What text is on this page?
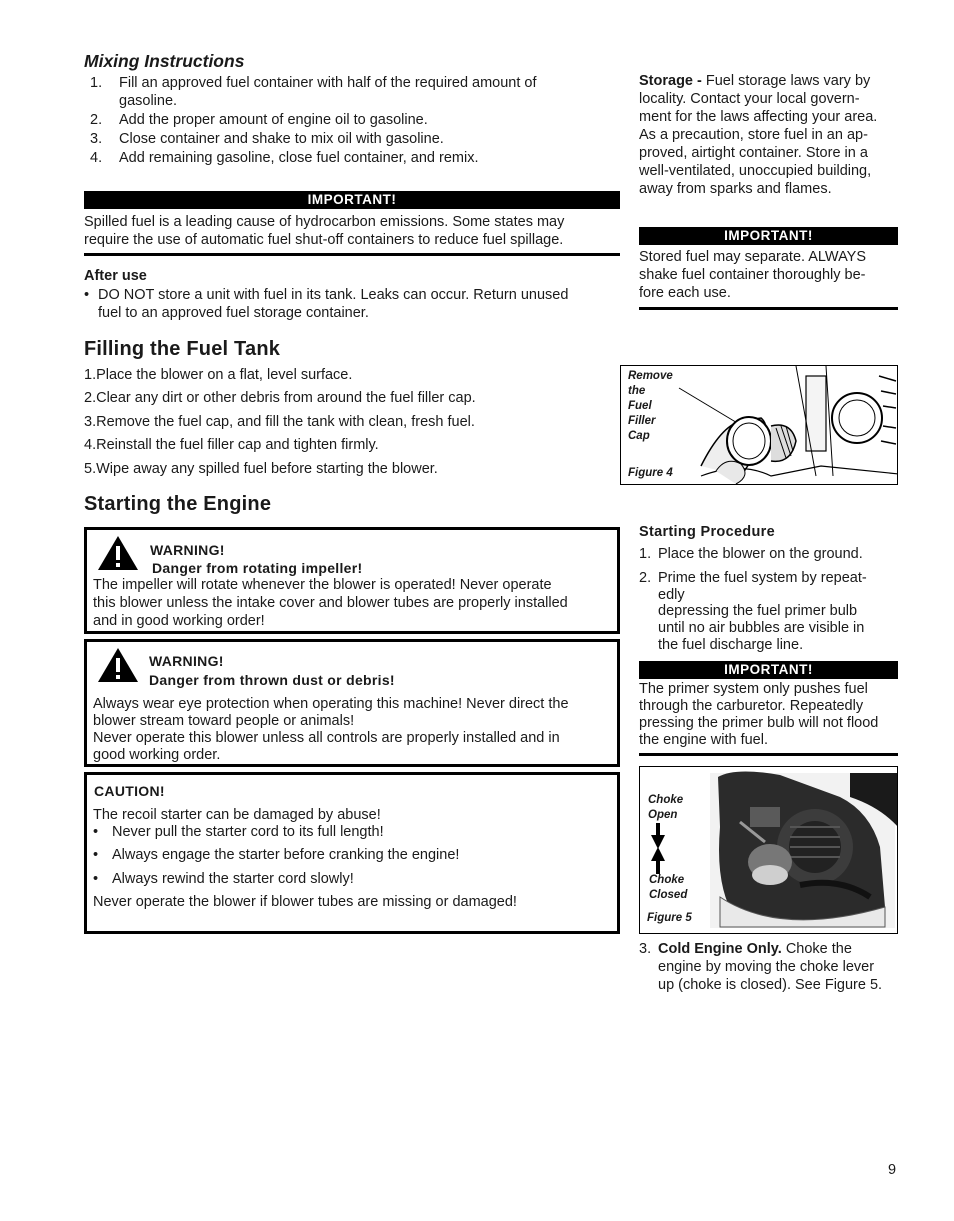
Mixing Instructions
1.	Fill an approved fuel container with half of the required amount of
gasoline.
2.	Add the proper amount of engine oil to gasoline.
3.	Close container and shake to mix oil with gasoline.
4.	Add remaining gasoline, close fuel container, and remix.
IMPORTANT!
Spilled fuel is a leading cause of hydrocarbon emissions. Some states may
require the use of automatic fuel shut-off containers to reduce fuel spillage.
After use
• DO NOT store a unit with fuel in its tank. Leaks can occur. Return unused
fuel to an approved fuel storage container.
Filling the Fuel Tank
1.Place the blower on a flat, level surface.
2.Clear any dirt or other debris from around the fuel filler cap.
3.Remove the fuel cap, and fill the tank with clean, fresh fuel.
4.Reinstall the fuel filler cap and tighten firmly.
5.Wipe away any spilled fuel before starting the blower.
Starting the Engine
WARNING!
Danger from rotating impeller!
The impeller will rotate whenever the blower is operated! Never operate
this blower unless the intake cover and blower tubes are properly installed
and in good working order!
WARNING!
Danger from thrown dust or debris!
Always wear eye protection when operating this machine! Never direct the
blower stream toward people or animals!
Never operate this blower unless all controls are properly installed and in
good working order.
CAUTION!
The recoil starter can be damaged by abuse!
• Never pull the starter cord to its full length!
• Always engage the starter before cranking the engine!
• Always rewind the starter cord slowly!
Never operate the blower if blower tubes are missing or damaged!
Storage - Fuel storage laws vary by
locality. Contact your local govern-
ment for the laws affecting your area.
As a precaution, store fuel in an ap-
proved, airtight container. Store in a
well-ventilated, unoccupied building,
away from sparks and flames.
IMPORTANT!
Stored fuel may separate. ALWAYS
shake fuel container thoroughly be-
fore each use.
Remove
the
Fuel
Filler
Cap
Figure 4
Starting Procedure
1. Place the blower on the ground.
2. Prime the fuel system by repeat-
edly
depressing the fuel primer bulb
until no air bubbles are visible in
the fuel discharge line.
IMPORTANT!
The primer system only pushes fuel
through the carburetor. Repeatedly
pressing the primer bulb will not flood
the engine with fuel.
Choke
Open
Choke
Closed
Figure 5
3. Cold Engine Only. Choke the
engine by moving the choke lever
up (choke is closed). See Figure 5.
9
